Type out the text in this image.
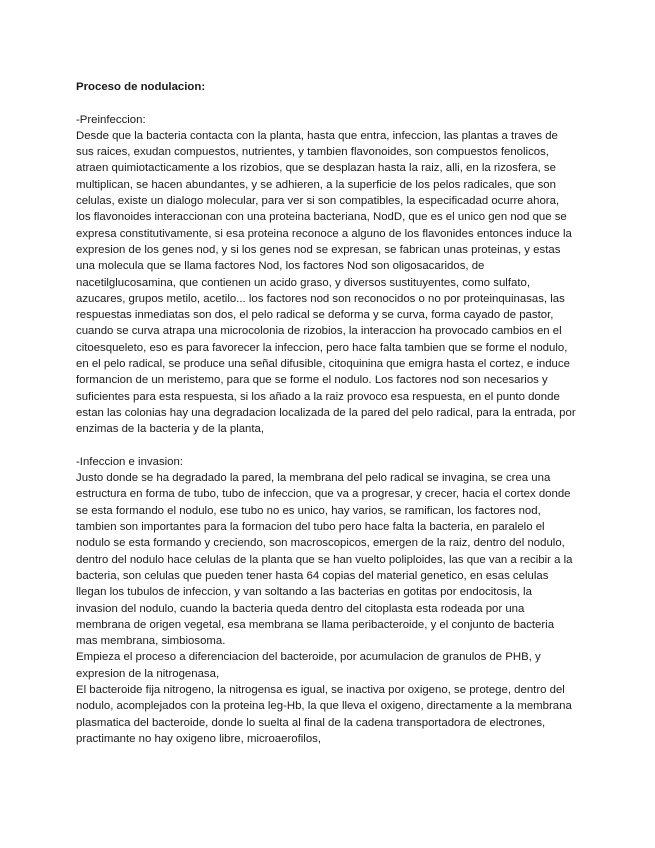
Proceso de nodulacion:

-Preinfeccion:

Desde que la bacteria contacta con la planta, hasta que entra, infeccion, las plantas a traves de sus raices, exudan compuestos, nutrientes, y tambien flavonoides, son compuestos fenolicos, atraen quimiotacticamente a los rizobios, que se desplazan hasta la raiz, alli, en la rizosfera, se multiplican, se hacen abundantes, y se adhieren, a la superficie de los pelos radicales, que son celulas, existe un dialogo molecular, para ver si son compatibles, la especificadad ocurre ahora, los flavonoides interaccionan con una proteina bacteriana, NodD, que es el unico gen nod que se expresa constitutivamente, si esa proteina reconoce a alguno de los flavonides entonces induce la expresion de los genes nod, y si los genes nod se expresan, se fabrican unas proteinas, y estas una molecula que se llama factores Nod, los factores Nod son oligosacaridos, de nacetilglucosamina, que contienen un acido graso, y diversos sustituyentes, como sulfato, azucares, grupos metilo, acetilo... los factores nod son reconocidos o no por proteinquinasas, las respuestas inmediatas son dos, el pelo radical se deforma y se curva, forma cayado de pastor, cuando se curva atrapa una microcolonia de rizobios, la interaccion ha provocado cambios en el citoesqueleto, eso es para favorecer la infeccion, pero hace falta tambien que se forme el nodulo, en el pelo radical, se produce una señal difusible, citoquinina que emigra hasta el cortez, e induce formancion de un meristemo, para que se forme el nodulo. Los factores nod son necesarios y suficientes para esta respuesta, si los añado a la raiz provoco esa respuesta, en el punto donde estan las colonias hay una degradacion localizada de la pared del pelo radical, para la entrada, por enzimas de la bacteria y de la planta,

-Infeccion e invasion:

Justo donde se ha degradado la pared, la membrana del pelo radical se invagina, se crea una estructura en forma de tubo, tubo de infeccion, que va a progresar, y crecer, hacia el cortex donde se esta formando el nodulo, ese tubo no es unico, hay varios, se ramifican, los factores nod, tambien son importantes para la formacion del tubo pero hace falta la bacteria, en paralelo el nodulo se esta formando y creciendo, son macroscopicos, emergen de la raiz, dentro del nodulo, dentro del nodulo hace celulas de la planta que se han vuelto poliploides, las que van a recibir a la bacteria, son celulas que pueden tener hasta 64 copias del material genetico, en esas celulas llegan los tubulos de infeccion, y van soltando a las bacterias en gotitas por endocitosis, la invasion del nodulo, cuando la bacteria queda dentro del citoplasta esta rodeada por una membrana de origen vegetal, esa membrana se llama peribacteroide, y el conjunto de bacteria mas membrana, simbiosoma.

Empieza el proceso a diferenciacion del bacteroide, por acumulacion de granulos de PHB, y expresion de la nitrogenasa,

El bacteroide fija nitrogeno, la nitrogensa es igual, se inactiva por oxigeno, se protege, dentro del nodulo, acomplejados con la proteina leg-Hb, la que lleva el oxigeno, directamente a la membrana plasmatica del bacteroide, donde lo suelta al final de la cadena transportadora de electrones, practimante no hay oxigeno libre, microaerofilos,
